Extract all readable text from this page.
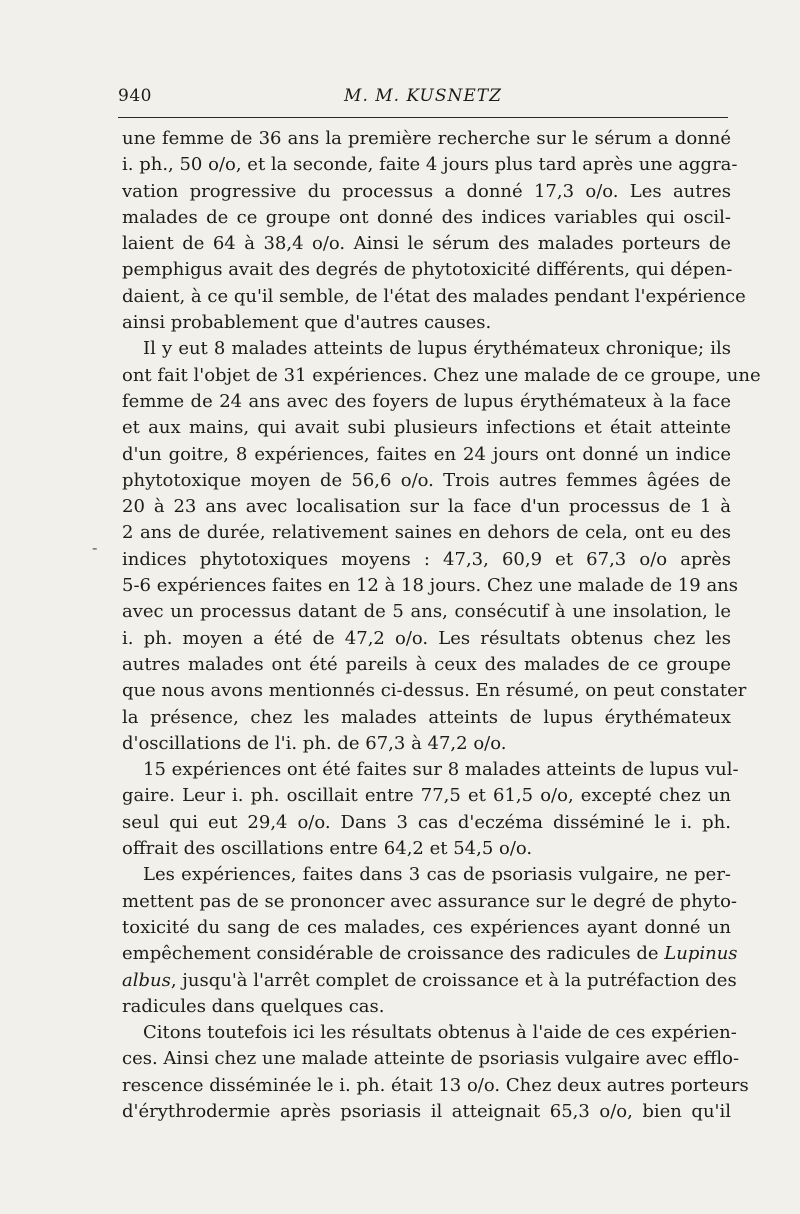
940	M. M. KUSNETZ
-
une femme de 36 ans la première recherche sur le sérum a donné
i. ph., 50 o/o, et la seconde, faite 4 jours plus tard après une aggra-
vation progressive du processus a donné 17,3 o/o. Les autres
malades de ce groupe ont donné des indices variables qui oscil-
laient de 64 à 38,4 o/o. Ainsi le sérum des malades porteurs de
pemphigus avait des degrés de phytotoxicité différents, qui dépen-
daient, à ce qu'il semble, de l'état des malades pendant l'expérience
ainsi probablement que d'autres causes.
Il y eut 8 malades atteints de lupus érythémateux chronique; ils
ont fait l'objet de 31 expériences. Chez une malade de ce groupe, une
femme de 24 ans avec des foyers de lupus érythémateux à la face
et aux mains, qui avait subi plusieurs infections et était atteinte
d'un goitre, 8 expériences, faites en 24 jours ont donné un indice
phytotoxique moyen de 56,6 o/o. Trois autres femmes âgées de
20 à 23 ans avec localisation sur la face d'un processus de 1 à
2 ans de durée, relativement saines en dehors de cela, ont eu des
indices phytotoxiques moyens : 47,3, 60,9 et 67,3 o/o après
5-6 expériences faites en 12 à 18 jours. Chez une malade de 19 ans
avec un processus datant de 5 ans, consécutif à une insolation, le
i. ph. moyen a été de 47,2 o/o. Les résultats obtenus chez les
autres malades ont été pareils à ceux des malades de ce groupe
que nous avons mentionnés ci-dessus. En résumé, on peut constater
la présence, chez les malades atteints de lupus érythémateux
d'oscillations de l'i. ph. de 67,3 à 47,2 o/o.
15 expériences ont été faites sur 8 malades atteints de lupus vul-
gaire. Leur i. ph. oscillait entre 77,5 et 61,5 o/o, excepté chez un
seul qui eut 29,4 o/o. Dans 3 cas d'eczéma disséminé le i. ph.
offrait des oscillations entre 64,2 et 54,5 o/o.
Les expériences, faites dans 3 cas de psoriasis vulgaire, ne per-
mettent pas de se prononcer avec assurance sur le degré de phyto-
toxicité du sang de ces malades, ces expériences ayant donné un
empêchement considérable de croissance des radicules de Lupinus
albus, jusqu'à l'arrêt complet de croissance et à la putréfaction des
radicules dans quelques cas.
Citons toutefois ici les résultats obtenus à l'aide de ces expérien-
ces. Ainsi chez une malade atteinte de psoriasis vulgaire avec efflo-
rescence disséminée le i. ph. était 13 o/o. Chez deux autres porteurs
d'érythrodermie après psoriasis il atteignait 65,3 o/o, bien qu'il
